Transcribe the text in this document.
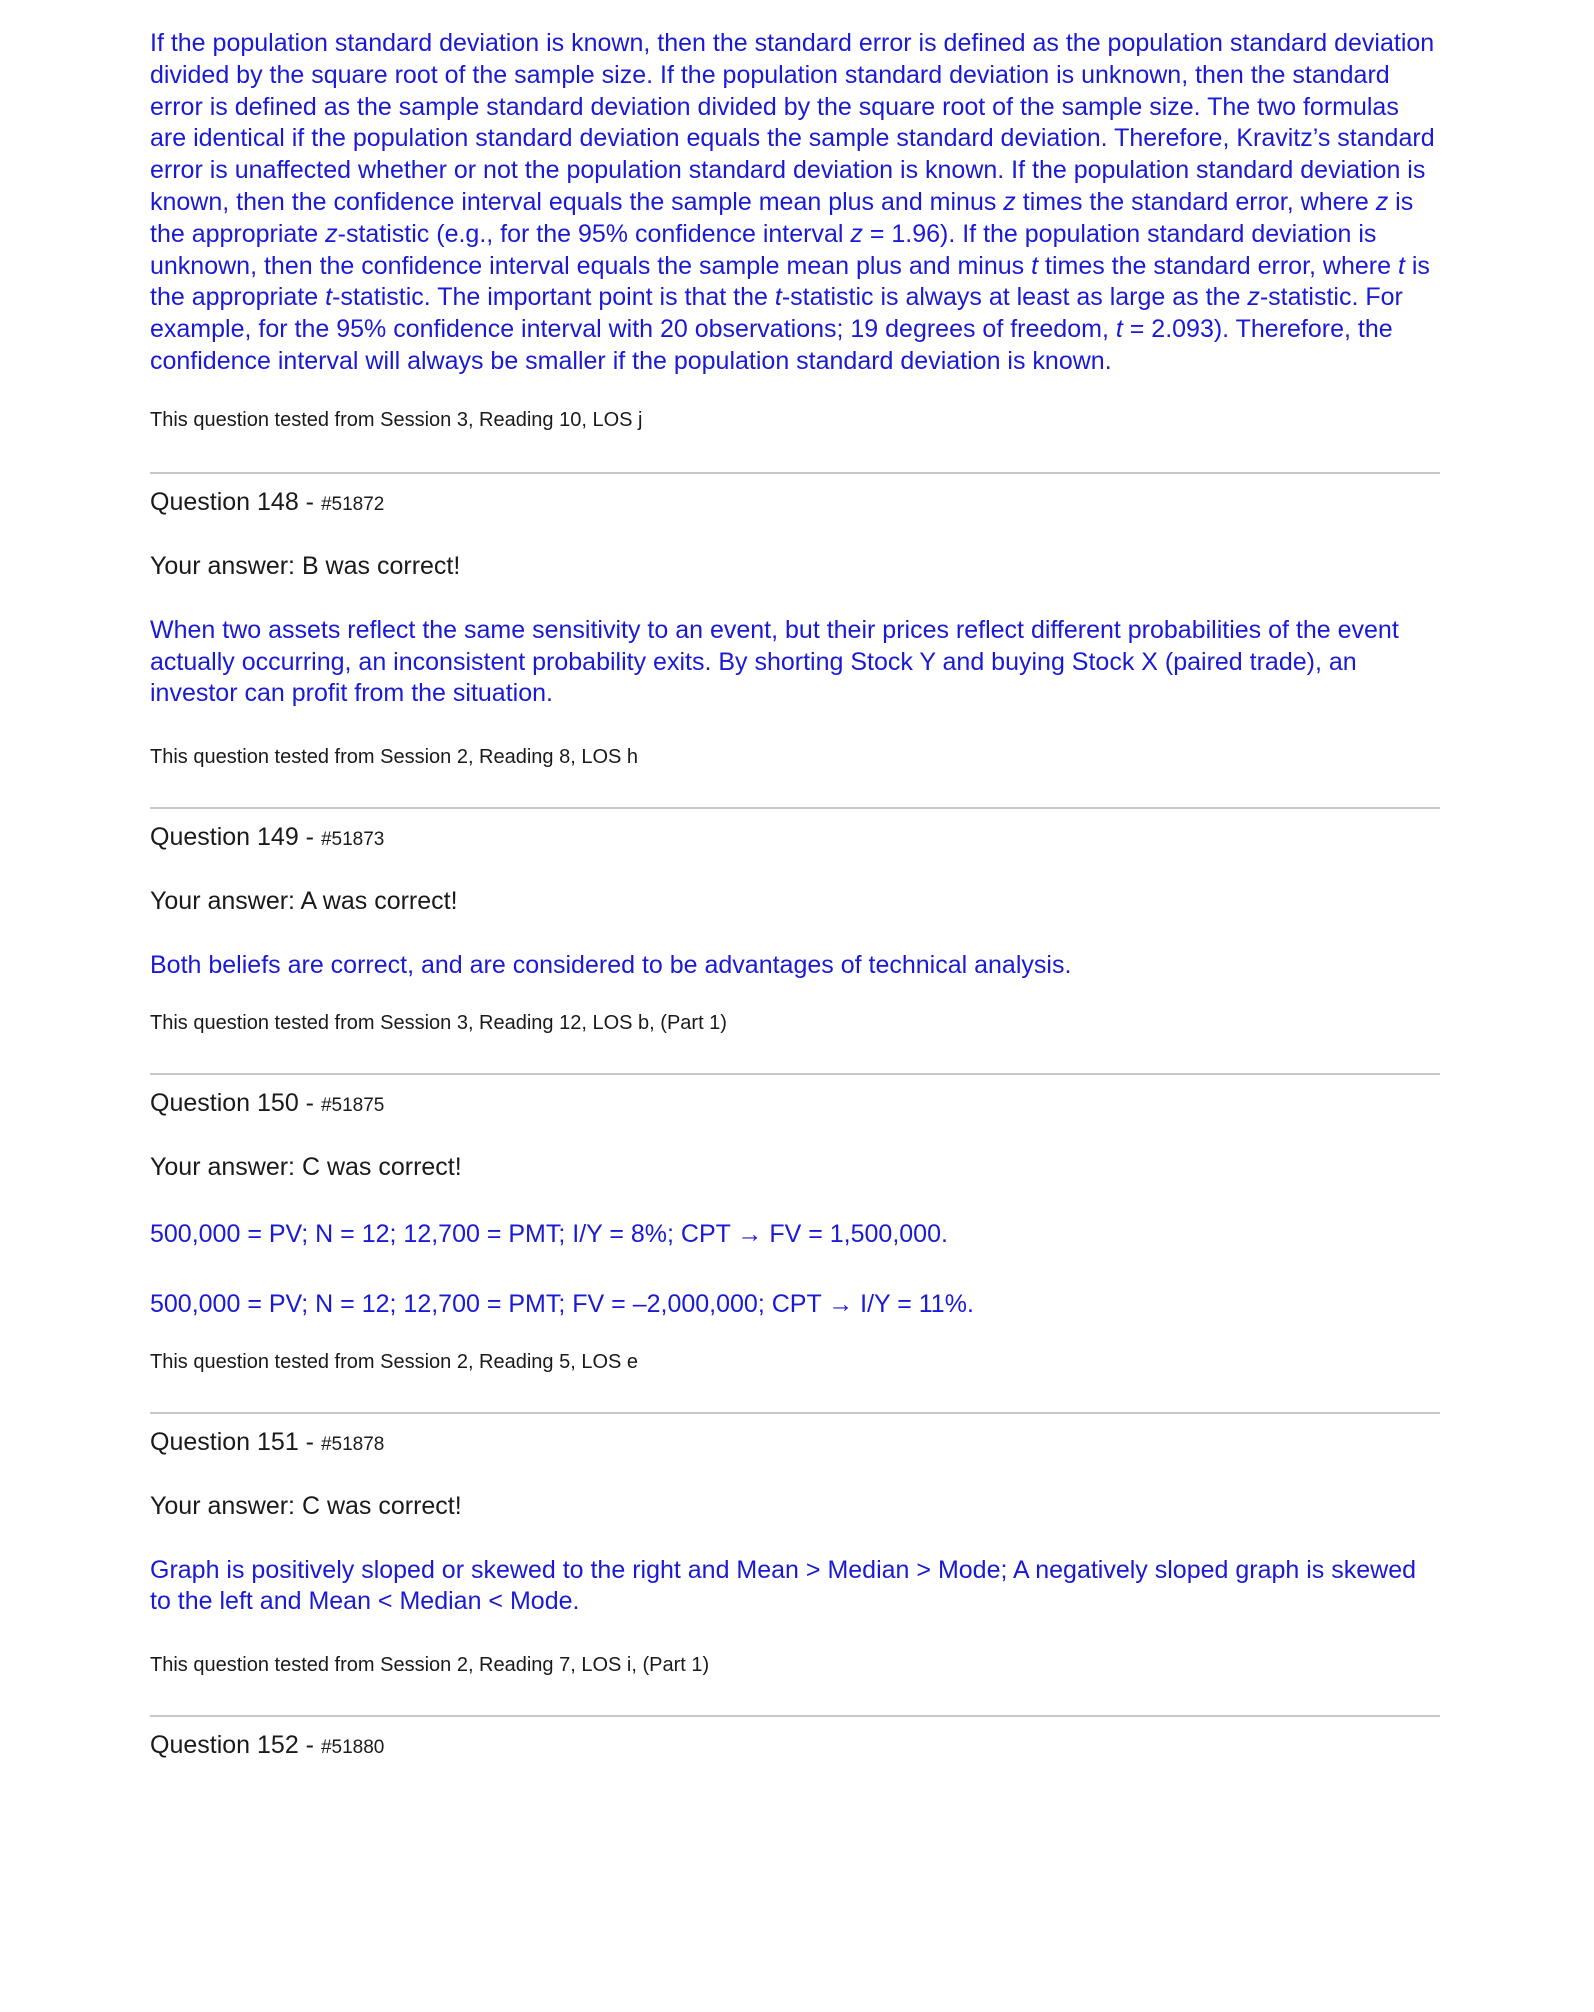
If the population standard deviation is known, then the standard error is defined as the population standard deviation divided by the square root of the sample size. If the population standard deviation is unknown, then the standard error is defined as the sample standard deviation divided by the square root of the sample size. The two formulas are identical if the population standard deviation equals the sample standard deviation. Therefore, Kravitz’s standard error is unaffected whether or not the population standard deviation is known. If the population standard deviation is known, then the confidence interval equals the sample mean plus and minus z times the standard error, where z is the appropriate z-statistic (e.g., for the 95% confidence interval z = 1.96). If the population standard deviation is unknown, then the confidence interval equals the sample mean plus and minus t times the standard error, where t is the appropriate t-statistic. The important point is that the t-statistic is always at least as large as the z-statistic. For example, for the 95% confidence interval with 20 observations; 19 degrees of freedom, t = 2.093). Therefore, the confidence interval will always be smaller if the population standard deviation is known.

This question tested from Session 3, Reading 10, LOS j

Question 148 - #51872

Your answer: B was correct!

When two assets reflect the same sensitivity to an event, but their prices reflect different probabilities of the event actually occurring, an inconsistent probability exits. By shorting Stock Y and buying Stock X (paired trade), an investor can profit from the situation.

This question tested from Session 2, Reading 8, LOS h

Question 149 - #51873

Your answer: A was correct!

Both beliefs are correct, and are considered to be advantages of technical analysis.

This question tested from Session 3, Reading 12, LOS b, (Part 1)

Question 150 - #51875

Your answer: C was correct!

500,000 = PV; N = 12; 12,700 = PMT; I/Y = 8%; CPT → FV = 1,500,000.

500,000 = PV; N = 12; 12,700 = PMT; FV = –2,000,000; CPT → I/Y = 11%.

This question tested from Session 2, Reading 5, LOS e

Question 151 - #51878

Your answer: C was correct!

Graph is positively sloped or skewed to the right and Mean > Median > Mode; A negatively sloped graph is skewed to the left and Mean < Median < Mode.

This question tested from Session 2, Reading 7, LOS i, (Part 1)

Question 152 - #51880
